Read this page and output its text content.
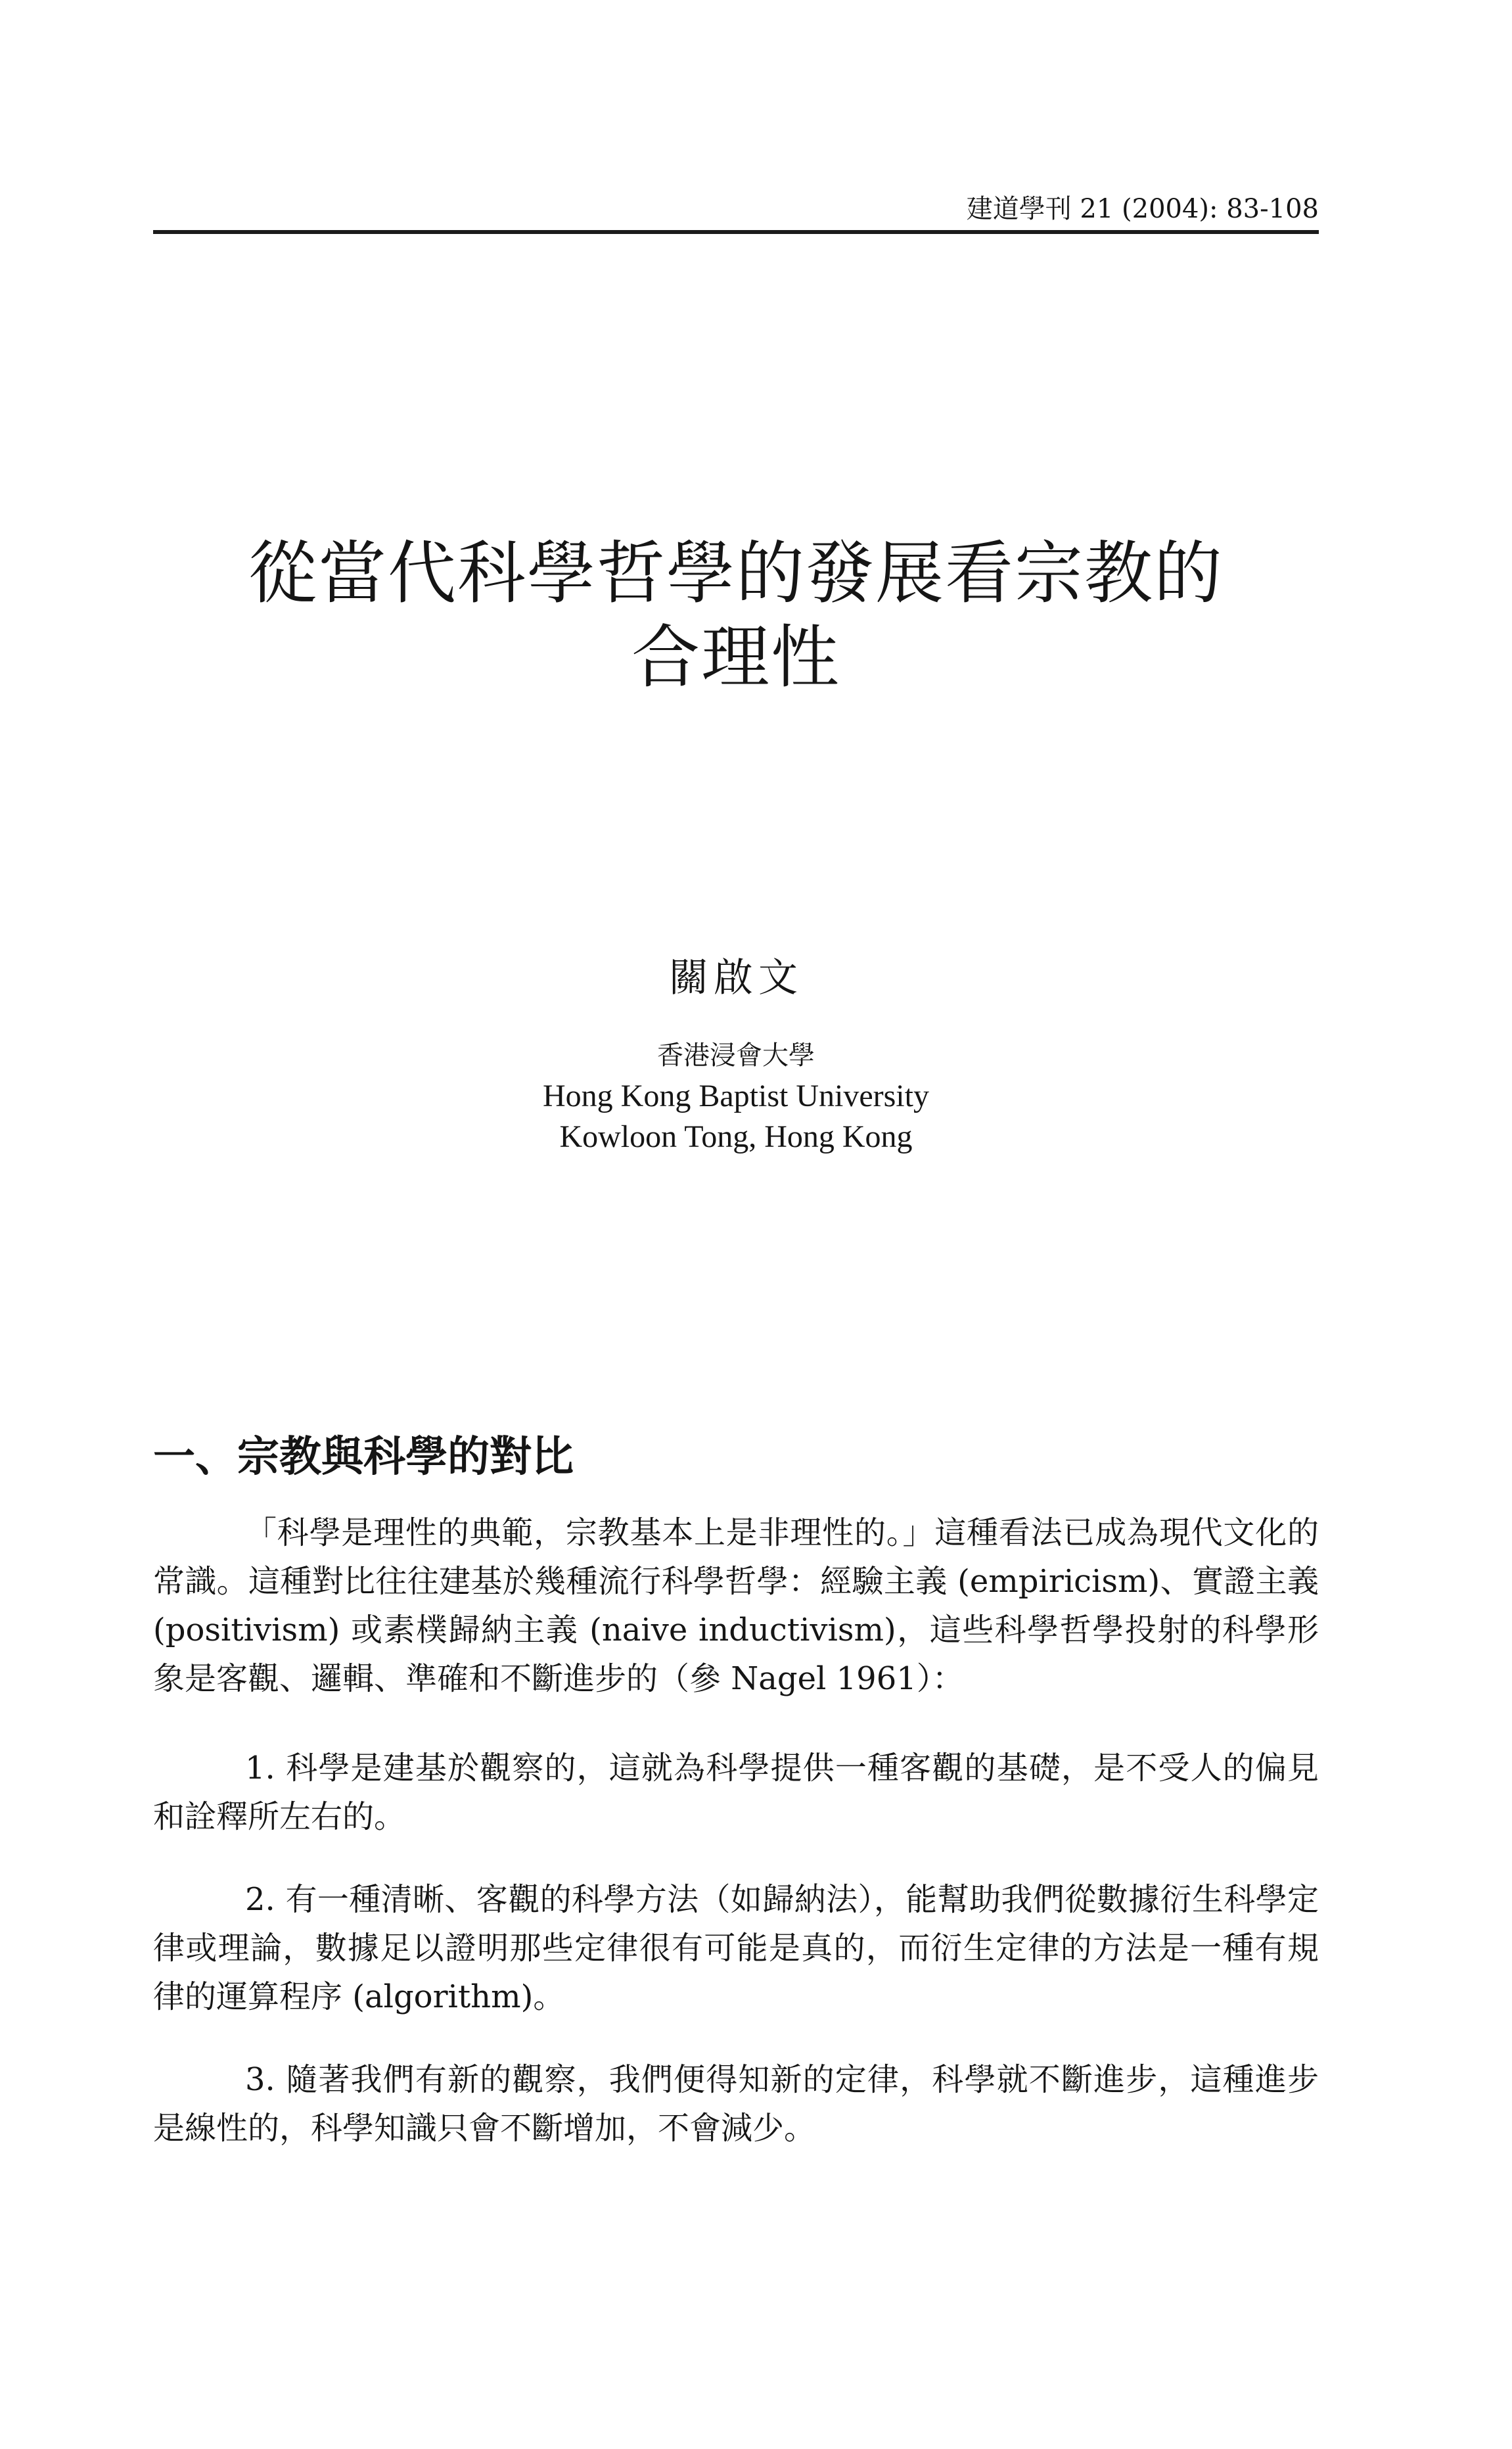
建道學刊 21 (2004): 83-108
從當代科學哲學的發展看宗教的
合理性
關啟文
香港浸會大學
Hong Kong Baptist University
Kowloon Tong, Hong Kong
一、宗教與科學的對比

「科學是理性的典範，宗教基本上是非理性的。」這種看法已成為現代文化的常識。這種對比往往建基於幾種流行科學哲學：經驗主義 (empiricism)、實證主義 (positivism) 或素樸歸納主義 (naive inductivism)，這些科學哲學投射的科學形象是客觀、邏輯、準確和不斷進步的（參 Nagel 1961）：

1. 科學是建基於觀察的，這就為科學提供一種客觀的基礎，是不受人的偏見和詮釋所左右的。

2. 有一種清晰、客觀的科學方法（如歸納法），能幫助我們從數據衍生科學定律或理論，數據足以證明那些定律很有可能是真的，而衍生定律的方法是一種有規律的運算程序 (algorithm)。

3. 隨著我們有新的觀察，我們便得知新的定律，科學就不斷進步，這種進步是線性的，科學知識只會不斷增加，不會減少。
